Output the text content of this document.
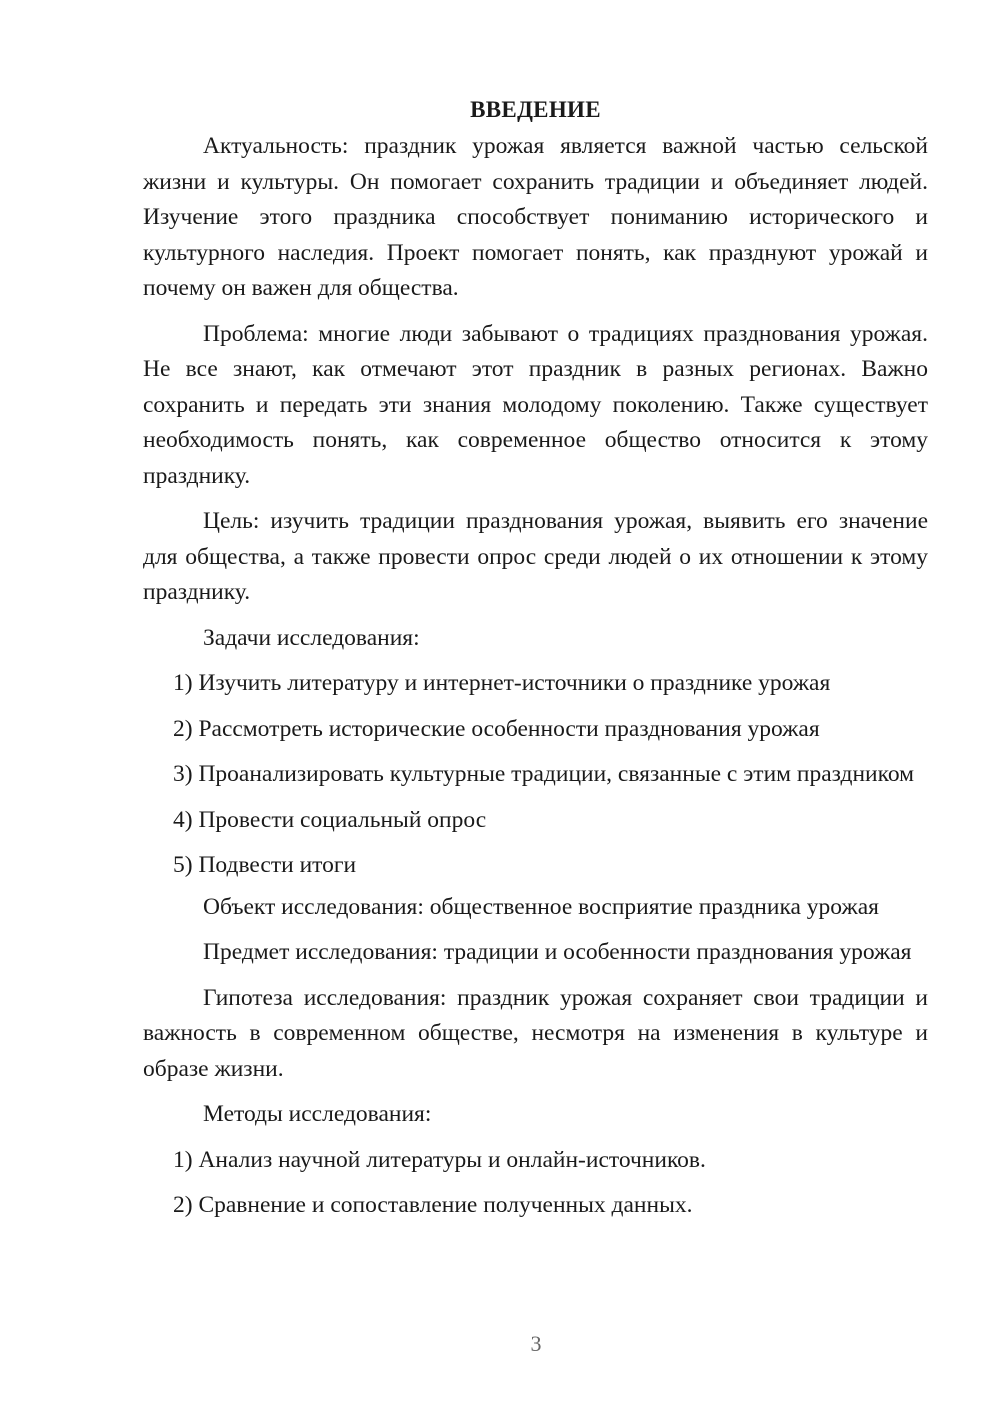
ВВЕДЕНИЕ

Актуальность: праздник урожая является важной частью сельской жизни и культуры. Он помогает сохранить традиции и объединяет людей. Изучение этого праздника способствует пониманию исторического и культурного наследия. Проект помогает понять, как празднуют урожай и почему он важен для общества.

Проблема: многие люди забывают о традициях празднования урожая. Не все знают, как отмечают этот праздник в разных регионах. Важно сохранить и передать эти знания молодому поколению. Также существует необходимость понять, как современное общество относится к этому празднику.

Цель: изучить традиции празднования урожая, выявить его значение для общества, а также провести опрос среди людей о их отношении к этому празднику.

Задачи исследования:

1) Изучить литературу и интернет-источники о празднике урожая

2) Рассмотреть исторические особенности празднования урожая

3) Проанализировать культурные традиции, связанные с этим праздником

4) Провести социальный опрос

5) Подвести итоги

Объект исследования: общественное восприятие праздника урожая

Предмет исследования: традиции и особенности празднования урожая

Гипотеза исследования: праздник урожая сохраняет свои традиции и важность в современном обществе, несмотря на изменения в культуре и образе жизни.

Методы исследования:

1) Анализ научной литературы и онлайн-источников.

2) Сравнение и сопоставление полученных данных.

3
